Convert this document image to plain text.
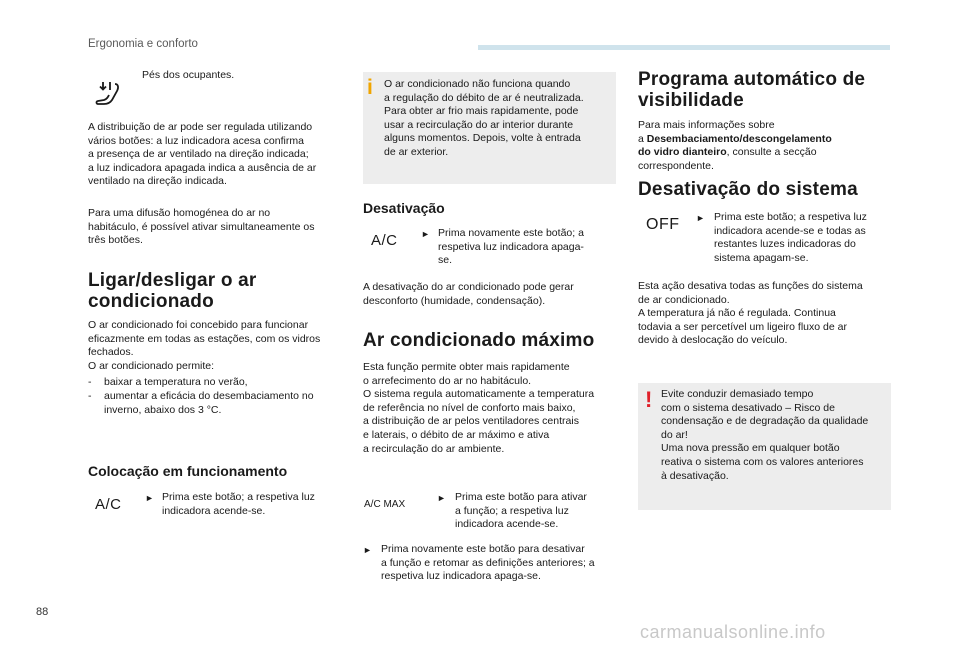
Ergonomia e conforto
Pés dos ocupantes.
A distribuição de ar pode ser regulada utilizando
vários botões: a luz indicadora acesa confirma
a presença de ar ventilado na direção indicada;
a luz indicadora apagada indica a ausência de ar
ventilado na direção indicada.
Para uma difusão homogénea do ar no
habitáculo, é possível ativar simultaneamente os
três botões.
Ligar/desligar o ar
condicionado
O ar condicionado foi concebido para funcionar
eficazmente em todas as estações, com os vidros
fechados.
O ar condicionado permite:
- baixar a temperatura no verão,
- aumentar a eficácia do desembaciamento no
inverno, abaixo dos 3 °C.
Colocação em funcionamento
A/C	► Prima este botão; a respetiva luz
indicadora acende-se.
i O ar condicionado não funciona quando
a regulação do débito de ar é neutralizada.
Para obter ar frio mais rapidamente, pode
usar a recirculação do ar interior durante
alguns momentos. Depois, volte à entrada
de ar exterior.
Desativação
A/C	► Prima novamente este botão; a
respetiva luz indicadora apaga-
se.
A desativação do ar condicionado pode gerar
desconforto (humidade, condensação).
Ar condicionado máximo
Esta função permite obter mais rapidamente
o arrefecimento do ar no habitáculo.
O sistema regula automaticamente a temperatura
de referência no nível de conforto mais baixo,
a distribuição de ar pelos ventiladores centrais
e laterais, o débito de ar máximo e ativa
a recirculação do ar ambiente.
A/C MAX
► Prima este botão para ativar
a função; a respetiva luz
indicadora acende-se.
► Prima novamente este botão para desativar
a função e retomar as definições anteriores; a
respetiva luz indicadora apaga-se.
Programa automático de
visibilidade
Para mais informações sobre
a Desembaciamento/descongelamento
do vidro dianteiro, consulte a secção
correspondente.
Desativação do sistema
OFF ► Prima este botão; a respetiva luz
indicadora acende-se e todas as
restantes luzes indicadoras do
sistema apagam-se.
Esta ação desativa todas as funções do sistema
de ar condicionado.
A temperatura já não é regulada. Continua
todavia a ser percetível um ligeiro fluxo de ar
devido à deslocação do veículo.
! Evite conduzir demasiado tempo
com o sistema desativado – Risco de
condensação e de degradação da qualidade
do ar!
Uma nova pressão em qualquer botão
reativa o sistema com os valores anteriores
à desativação.
88
carmanualsonline.info
